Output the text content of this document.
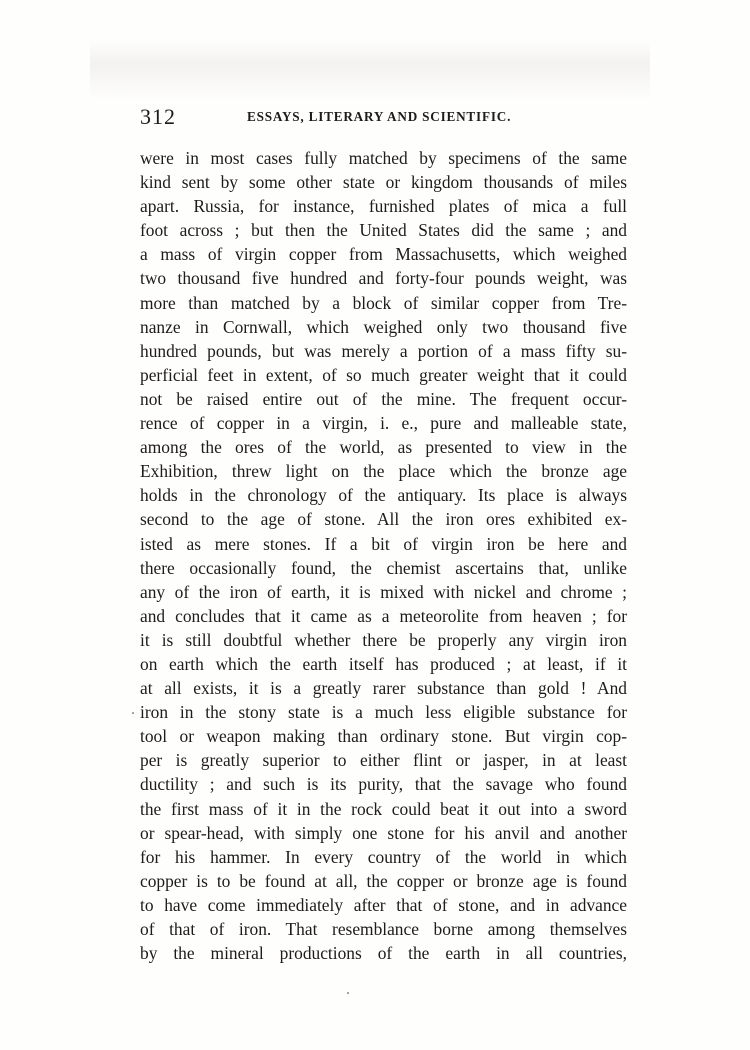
312	ESSAYS, LITERARY AND SCIENTIFIC.
were in most cases fully matched by specimens of the same
kind sent by some other state or kingdom thousands of miles
apart. Russia, for instance, furnished plates of mica a full
foot across ; but then the United States did the same ; and
a mass of virgin copper from Massachusetts, which weighed
two thousand five hundred and forty-four pounds weight, was
more than matched by a block of similar copper from Tre-
nanze in Cornwall, which weighed only two thousand five
hundred pounds, but was merely a portion of a mass fifty su-
perficial feet in extent, of so much greater weight that it could
not be raised entire out of the mine. The frequent occur-
rence of copper in a virgin, i. e., pure and malleable state,
among the ores of the world, as presented to view in the
Exhibition, threw light on the place which the bronze age
holds in the chronology of the antiquary. Its place is always
second to the age of stone. All the iron ores exhibited ex-
isted as mere stones. If a bit of virgin iron be here and
there occasionally found, the chemist ascertains that, unlike
any of the iron of earth, it is mixed with nickel and chrome ;
and concludes that it came as a meteorolite from heaven ; for
it is still doubtful whether there be properly any virgin iron
on earth which the earth itself has produced ; at least, if it
at all exists, it is a greatly rarer substance than gold ! And
iron in the stony state is a much less eligible substance for
tool or weapon making than ordinary stone. But virgin cop-
per is greatly superior to either flint or jasper, in at least
ductility ; and such is its purity, that the savage who found
the first mass of it in the rock could beat it out into a sword
or spear-head, with simply one stone for his anvil and another
for his hammer. In every country of the world in which
copper is to be found at all, the copper or bronze age is found
to have come immediately after that of stone, and in advance
of that of iron. That resemblance borne among themselves
by the mineral productions of the earth in all countries,
